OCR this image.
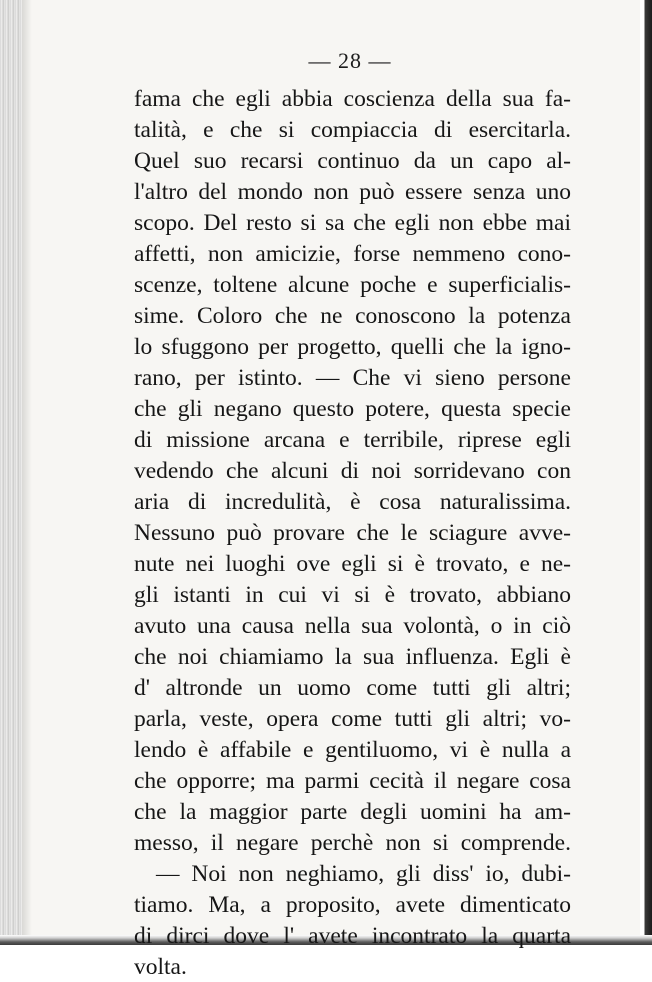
— 28 —
fama che egli abbia coscienza della sua fa-
talità, e che si compiaccia di esercitarla.
Quel suo recarsi continuo da un capo al-
l'altro del mondo non può essere senza uno
scopo. Del resto si sa che egli non ebbe mai
affetti, non amicizie, forse nemmeno cono-
scenze, toltene alcune poche e superficialis-
sime. Coloro che ne conoscono la potenza
lo sfuggono per progetto, quelli che la igno-
rano, per istinto. — Che vi sieno persone
che gli negano questo potere, questa specie
di missione arcana e terribile, riprese egli
vedendo che alcuni di noi sorridevano con
aria di incredulità, è cosa naturalissima.
Nessuno può provare che le sciagure avve-
nute nei luoghi ove egli si è trovato, e ne-
gli istanti in cui vi si è trovato, abbiano
avuto una causa nella sua volontà, o in ciò
che noi chiamiamo la sua influenza. Egli è
d' altronde un uomo come tutti gli altri;
parla, veste, opera come tutti gli altri; vo-
lendo è affabile e gentiluomo, vi è nulla a
che opporre; ma parmi cecità il negare cosa
che la maggior parte degli uomini ha am-
messo, il negare perchè non si comprende.
— Noi non neghiamo, gli diss' io, dubi-
tiamo. Ma, a proposito, avete dimenticato
di dirci dove l' avete incontrato la quarta
volta.
